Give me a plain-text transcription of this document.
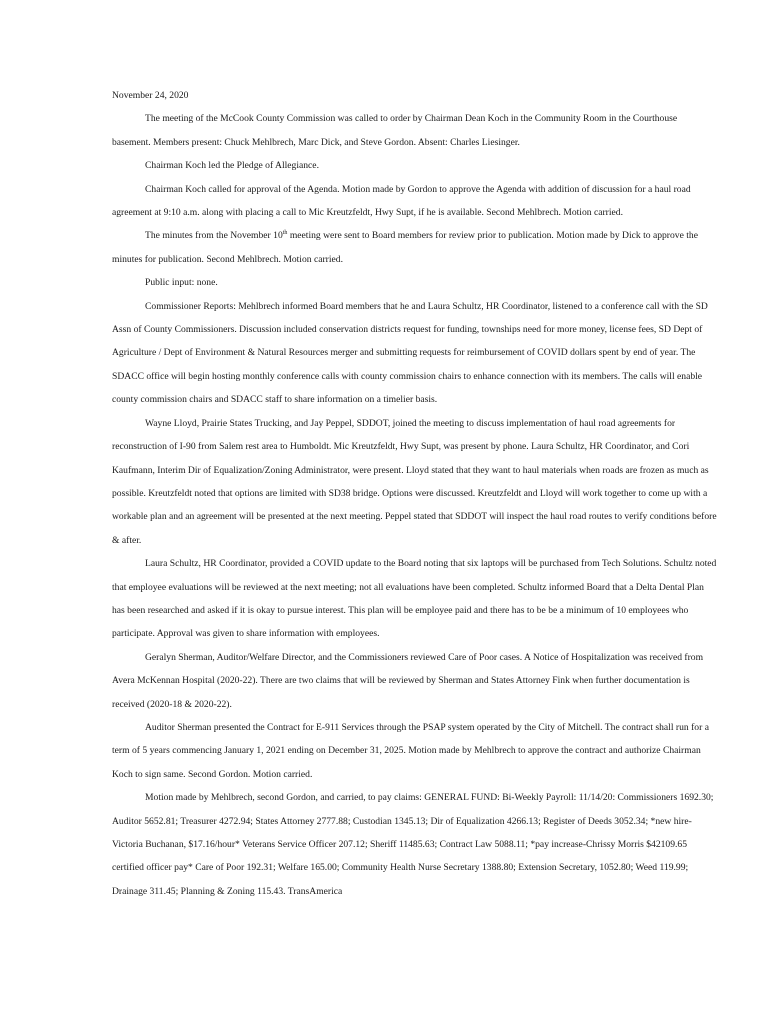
November 24, 2020

The meeting of the McCook County Commission was called to order by Chairman Dean Koch in the Community Room in the Courthouse basement. Members present: Chuck Mehlbrech, Marc Dick, and Steve Gordon. Absent: Charles Liesinger.

Chairman Koch led the Pledge of Allegiance.

Chairman Koch called for approval of the Agenda. Motion made by Gordon to approve the Agenda with addition of discussion for a haul road agreement at 9:10 a.m. along with placing a call to Mic Kreutzfeldt, Hwy Supt, if he is available. Second Mehlbrech. Motion carried.

The minutes from the November 10th meeting were sent to Board members for review prior to publication. Motion made by Dick to approve the minutes for publication. Second Mehlbrech. Motion carried.

Public input: none.

Commissioner Reports: Mehlbrech informed Board members that he and Laura Schultz, HR Coordinator, listened to a conference call with the SD Assn of County Commissioners. Discussion included conservation districts request for funding, townships need for more money, license fees, SD Dept of Agriculture / Dept of Environment & Natural Resources merger and submitting requests for reimbursement of COVID dollars spent by end of year. The SDACC office will begin hosting monthly conference calls with county commission chairs to enhance connection with its members. The calls will enable county commission chairs and SDACC staff to share information on a timelier basis.

Wayne Lloyd, Prairie States Trucking, and Jay Peppel, SDDOT, joined the meeting to discuss implementation of haul road agreements for reconstruction of I-90 from Salem rest area to Humboldt. Mic Kreutzfeldt, Hwy Supt, was present by phone. Laura Schultz, HR Coordinator, and Cori Kaufmann, Interim Dir of Equalization/Zoning Administrator, were present. Lloyd stated that they want to haul materials when roads are frozen as much as possible. Kreutzfeldt noted that options are limited with SD38 bridge. Options were discussed. Kreutzfeldt and Lloyd will work together to come up with a workable plan and an agreement will be presented at the next meeting. Peppel stated that SDDOT will inspect the haul road routes to verify conditions before & after.

Laura Schultz, HR Coordinator, provided a COVID update to the Board noting that six laptops will be purchased from Tech Solutions. Schultz noted that employee evaluations will be reviewed at the next meeting; not all evaluations have been completed. Schultz informed Board that a Delta Dental Plan has been researched and asked if it is okay to pursue interest. This plan will be employee paid and there has to be be a minimum of 10 employees who participate. Approval was given to share information with employees.

Geralyn Sherman, Auditor/Welfare Director, and the Commissioners reviewed Care of Poor cases. A Notice of Hospitalization was received from Avera McKennan Hospital (2020-22). There are two claims that will be reviewed by Sherman and States Attorney Fink when further documentation is received (2020-18 & 2020-22).

Auditor Sherman presented the Contract for E-911 Services through the PSAP system operated by the City of Mitchell. The contract shall run for a term of 5 years commencing January 1, 2021 ending on December 31, 2025. Motion made by Mehlbrech to approve the contract and authorize Chairman Koch to sign same. Second Gordon. Motion carried.

Motion made by Mehlbrech, second Gordon, and carried, to pay claims: GENERAL FUND: Bi-Weekly Payroll: 11/14/20: Commissioners 1692.30; Auditor 5652.81; Treasurer 4272.94; States Attorney 2777.88; Custodian 1345.13; Dir of Equalization 4266.13; Register of Deeds 3052.34; *new hire-Victoria Buchanan, $17.16/hour* Veterans Service Officer 207.12; Sheriff 11485.63; Contract Law 5088.11; *pay increase-Chrissy Morris $42109.65 certified officer pay* Care of Poor 192.31; Welfare 165.00; Community Health Nurse Secretary 1388.80; Extension Secretary, 1052.80; Weed 119.99; Drainage 311.45; Planning & Zoning 115.43. TransAmerica
